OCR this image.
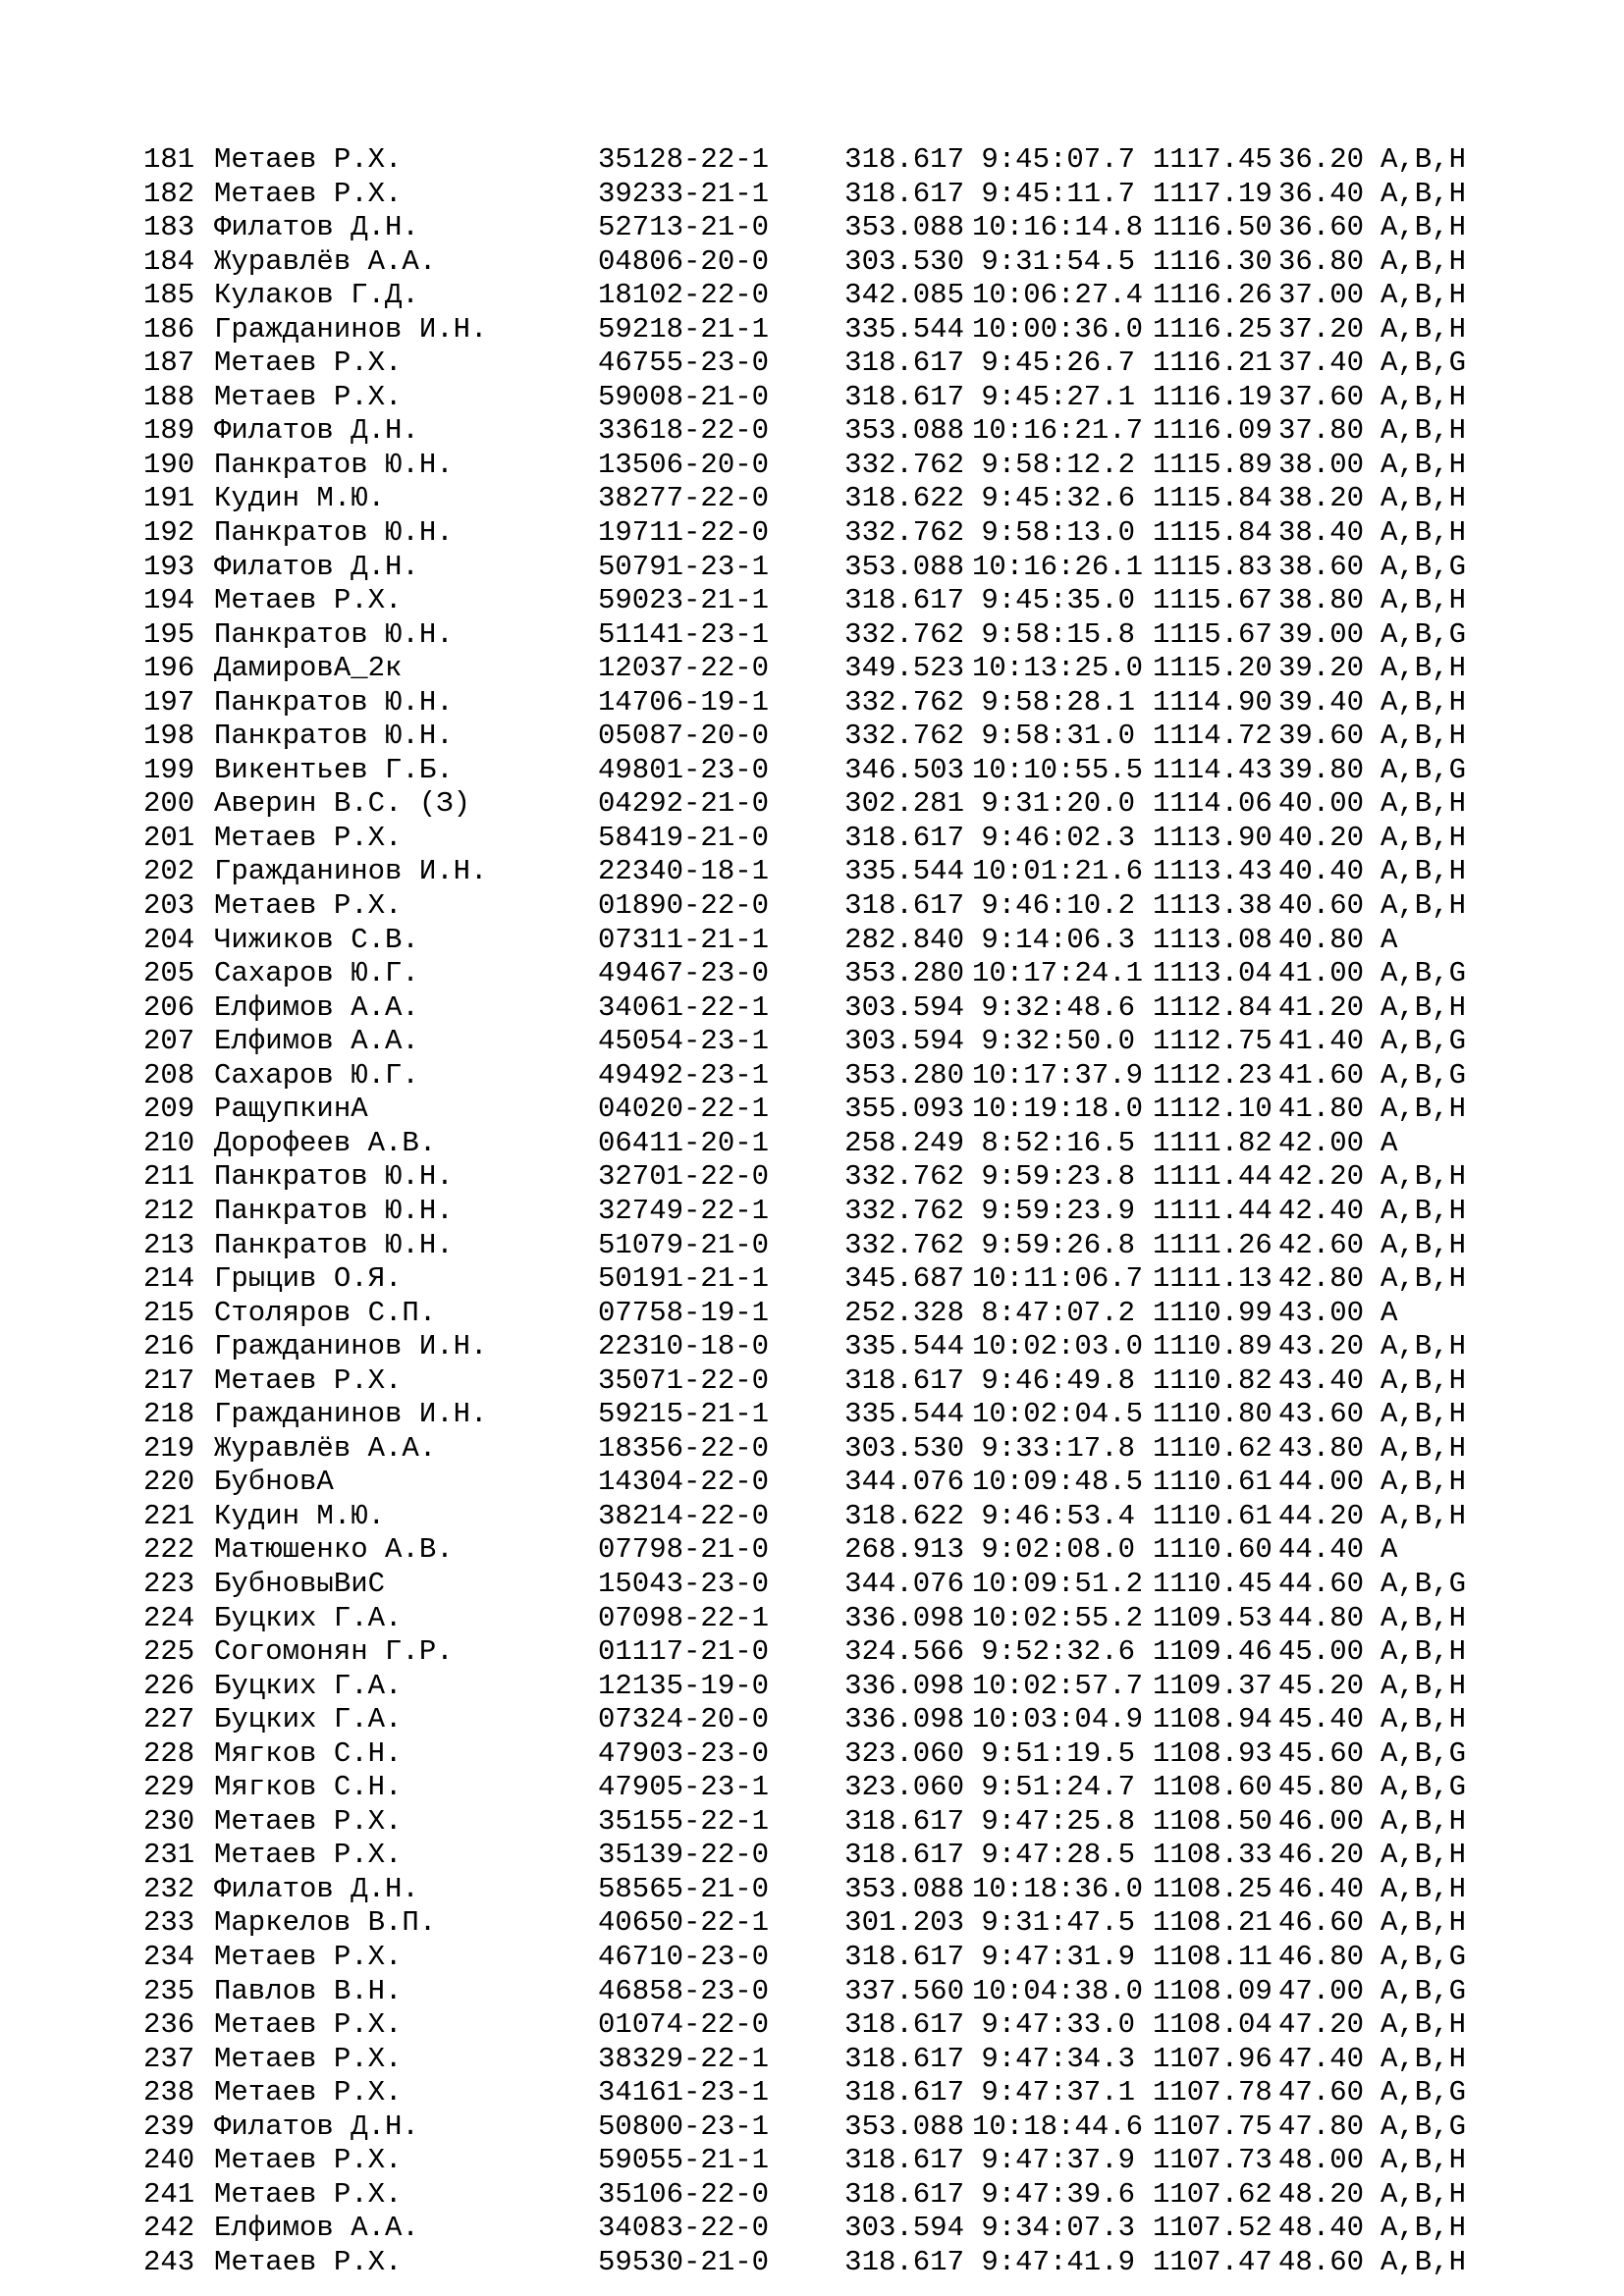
181 Метаев Р.Х.	35128-22-1	318.617 9:45:07.7 1117.45 36.20 A,B,H
182 Метаев Р.Х.	39233-21-1	318.617 9:45:11.7 1117.19 36.40 A,B,H
183 Филатов Д.Н.	52713-21-0	353.088 10:16:14.8 1116.50 36.60 A,B,H
184 Журавлёв А.А.	04806-20-0	303.530 9:31:54.5 1116.30 36.80 A,B,H
185 Кулаков Г.Д.	18102-22-0	342.085 10:06:27.4 1116.26 37.00 A,B,H
186 Гражданинов И.Н.	59218-21-1	335.544 10:00:36.0 1116.25 37.20 A,B,H
187 Метаев Р.Х.	46755-23-0	318.617 9:45:26.7 1116.21 37.40 A,B,G
188 Метаев Р.Х.	59008-21-0	318.617 9:45:27.1 1116.19 37.60 A,B,H
189 Филатов Д.Н.	33618-22-0	353.088 10:16:21.7 1116.09 37.80 A,B,H
190 Панкратов Ю.Н.	13506-20-0	332.762 9:58:12.2 1115.89 38.00 A,B,H
191 Кудин М.Ю.	38277-22-0	318.622 9:45:32.6 1115.84 38.20 A,B,H
192 Панкратов Ю.Н.	19711-22-0	332.762 9:58:13.0 1115.84 38.40 A,B,H
193 Филатов Д.Н.	50791-23-1	353.088 10:16:26.1 1115.83 38.60 A,B,G
194 Метаев Р.Х.	59023-21-1	318.617 9:45:35.0 1115.67 38.80 A,B,H
195 Панкратов Ю.Н.	51141-23-1	332.762 9:58:15.8 1115.67 39.00 A,B,G
196 ДамировА_2к	12037-22-0	349.523 10:13:25.0 1115.20 39.20 A,B,H
197 Панкратов Ю.Н.	14706-19-1	332.762 9:58:28.1 1114.90 39.40 A,B,H
198 Панкратов Ю.Н.	05087-20-0	332.762 9:58:31.0 1114.72 39.60 A,B,H
199 Викентьев Г.Б.	49801-23-0	346.503 10:10:55.5 1114.43 39.80 A,B,G
200 Аверин В.С. (З)	04292-21-0	302.281 9:31:20.0 1114.06 40.00 A,B,H
201 Метаев Р.Х.	58419-21-0	318.617 9:46:02.3 1113.90 40.20 A,B,H
202 Гражданинов И.Н.	22340-18-1	335.544 10:01:21.6 1113.43 40.40 A,B,H
203 Метаев Р.Х.	01890-22-0	318.617 9:46:10.2 1113.38 40.60 A,B,H
204 Чижиков С.В.	07311-21-1	282.840 9:14:06.3 1113.08 40.80 A
205 Сахаров Ю.Г.	49467-23-0	353.280 10:17:24.1 1113.04 41.00 A,B,G
206 Елфимов А.А.	34061-22-1	303.594 9:32:48.6 1112.84 41.20 A,B,H
207 Елфимов А.А.	45054-23-1	303.594 9:32:50.0 1112.75 41.40 A,B,G
208 Сахаров Ю.Г.	49492-23-1	353.280 10:17:37.9 1112.23 41.60 A,B,G
209 РащупкинА	04020-22-1	355.093 10:19:18.0 1112.10 41.80 A,B,H
210 Дорофеев А.В.	06411-20-1	258.249 8:52:16.5 1111.82 42.00 A
211 Панкратов Ю.Н.	32701-22-0	332.762 9:59:23.8 1111.44 42.20 A,B,H
212 Панкратов Ю.Н.	32749-22-1	332.762 9:59:23.9 1111.44 42.40 A,B,H
213 Панкратов Ю.Н.	51079-21-0	332.762 9:59:26.8 1111.26 42.60 A,B,H
214 Грыцив О.Я.	50191-21-1	345.687 10:11:06.7 1111.13 42.80 A,B,H
215 Столяров С.П.	07758-19-1	252.328 8:47:07.2 1110.99 43.00 A
216 Гражданинов И.Н.	22310-18-0	335.544 10:02:03.0 1110.89 43.20 A,B,H
217 Метаев Р.Х.	35071-22-0	318.617 9:46:49.8 1110.82 43.40 A,B,H
218 Гражданинов И.Н.	59215-21-1	335.544 10:02:04.5 1110.80 43.60 A,B,H
219 Журавлёв А.А.	18356-22-0	303.530 9:33:17.8 1110.62 43.80 A,B,H
220 БубновА	14304-22-0	344.076 10:09:48.5 1110.61 44.00 A,B,H
221 Кудин М.Ю.	38214-22-0	318.622 9:46:53.4 1110.61 44.20 A,B,H
222 Матюшенко А.В.	07798-21-0	268.913 9:02:08.0 1110.60 44.40 A
223 БубновыВиС	15043-23-0	344.076 10:09:51.2 1110.45 44.60 A,B,G
224 Буцких Г.А.	07098-22-1	336.098 10:02:55.2 1109.53 44.80 A,B,H
225 Согомонян Г.Р.	01117-21-0	324.566 9:52:32.6 1109.46 45.00 A,B,H
226 Буцких Г.А.	12135-19-0	336.098 10:02:57.7 1109.37 45.20 A,B,H
227 Буцких Г.А.	07324-20-0	336.098 10:03:04.9 1108.94 45.40 A,B,H
228 Мягков С.Н.	47903-23-0	323.060 9:51:19.5 1108.93 45.60 A,B,G
229 Мягков С.Н.	47905-23-1	323.060 9:51:24.7 1108.60 45.80 A,B,G
230 Метаев Р.Х.	35155-22-1	318.617 9:47:25.8 1108.50 46.00 A,B,H
231 Метаев Р.Х.	35139-22-0	318.617 9:47:28.5 1108.33 46.20 A,B,H
232 Филатов Д.Н.	58565-21-0	353.088 10:18:36.0 1108.25 46.40 A,B,H
233 Маркелов В.П.	40650-22-1	301.203 9:31:47.5 1108.21 46.60 A,B,H
234 Метаев Р.Х.	46710-23-0	318.617 9:47:31.9 1108.11 46.80 A,B,G
235 Павлов В.Н.	46858-23-0	337.560 10:04:38.0 1108.09 47.00 A,B,G
236 Метаев Р.Х.	01074-22-0	318.617 9:47:33.0 1108.04 47.20 A,B,H
237 Метаев Р.Х.	38329-22-1	318.617 9:47:34.3 1107.96 47.40 A,B,H
238 Метаев Р.Х.	34161-23-1	318.617 9:47:37.1 1107.78 47.60 A,B,G
239 Филатов Д.Н.	50800-23-1	353.088 10:18:44.6 1107.75 47.80 A,B,G
240 Метаев Р.Х.	59055-21-1	318.617 9:47:37.9 1107.73 48.00 A,B,H
241 Метаев Р.Х.	35106-22-0	318.617 9:47:39.6 1107.62 48.20 A,B,H
242 Елфимов А.А.	34083-22-0	303.594 9:34:07.3 1107.52 48.40 A,B,H
243 Метаев Р.Х.	59530-21-0	318.617 9:47:41.9 1107.47 48.60 A,B,H
